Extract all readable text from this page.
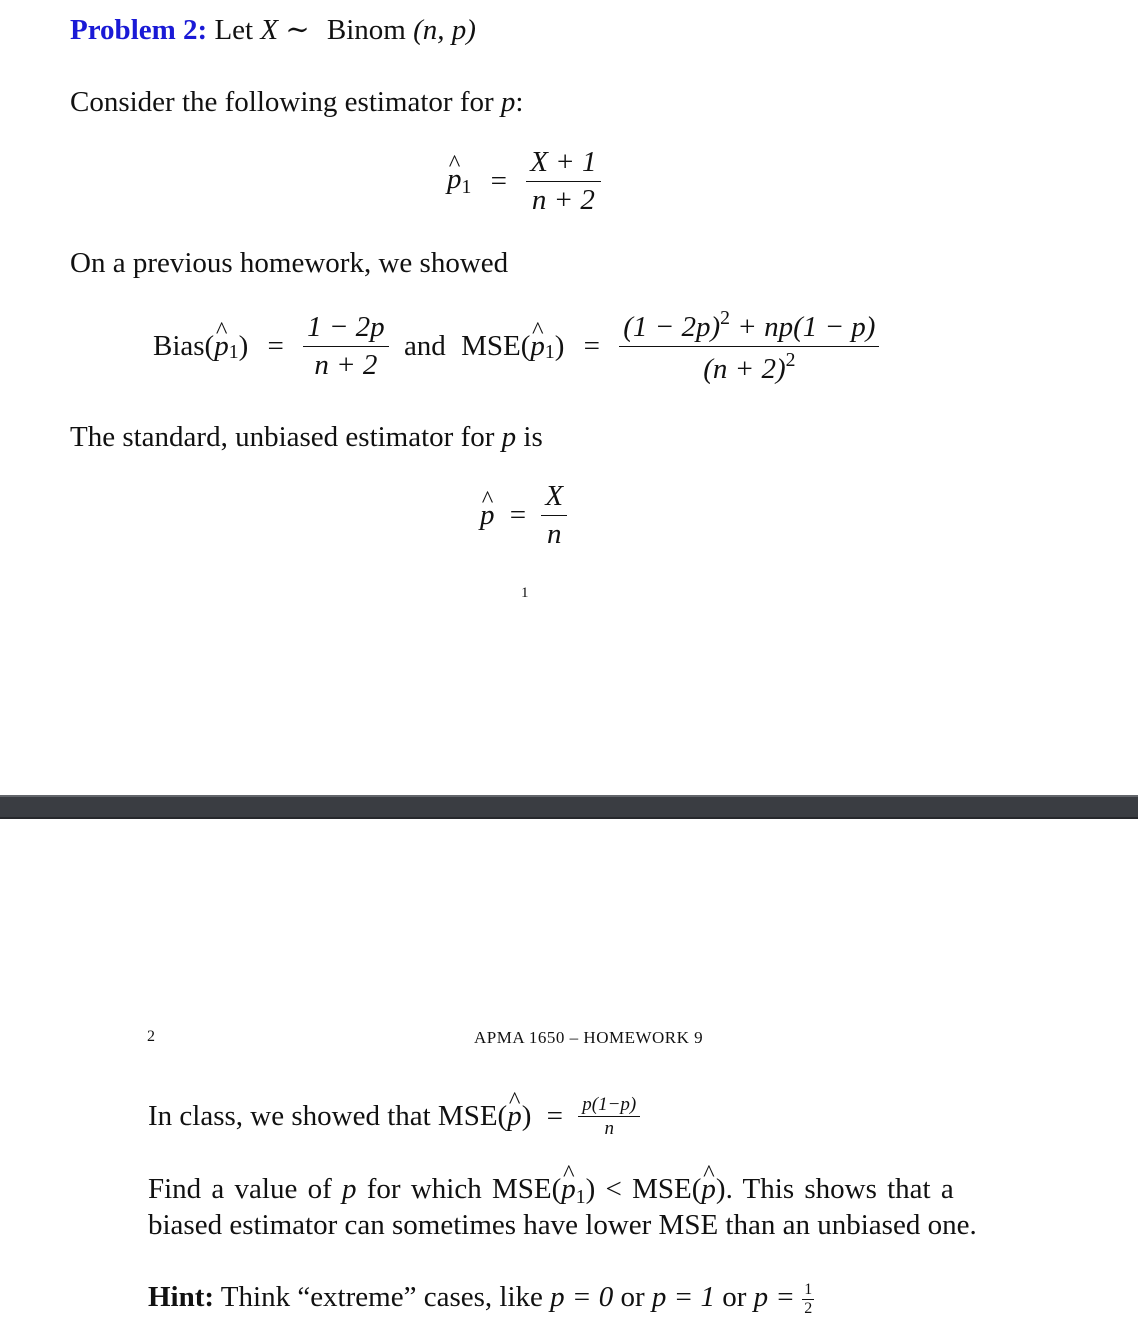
Problem 2: Let X ∼ Binom (n, p)
Consider the following estimator for p:
^ $p_1 = \frac{X + 1}{n + 2}$
On a previous homework, we showed
Bias(^ $p_1) = \frac{1 - 2p}{n + 2}$ and MSE(^ $p_1) = \frac{(1 - 2p)^2 + np(1 - p)}{(n + 2)^2}$
The standard, unbiased estimator for p is
^ $p = \frac{X}{n}$
1
2	APMA 1650 – HOMEWORK 9
In class, we showed that MSE(^ $p) = \frac{p(1-p)}{n}$
Find a value of p for which MSE(^ $p_1$) < MSE(^ p). This shows that a
biased estimator can sometimes have lower MSE than an unbiased one.
Hint: Think “extreme” cases, like p = 0 or p = 1 or $p = \frac{1}{2}$
